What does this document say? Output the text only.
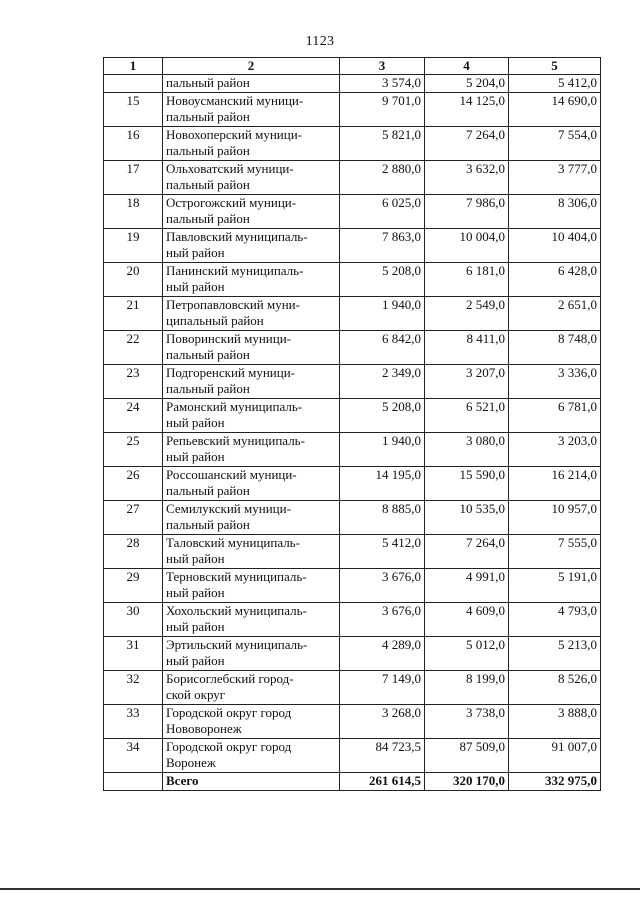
1123
1	2	3	4	5
	пальный район	3 574,0	5 204,0	5 412,0
15	Новоусманский муници-
пальный район	9 701,0	14 125,0	14 690,0
16	Новохоперский муници-
пальный район	5 821,0	7 264,0	7 554,0
17	Ольховатский муници-
пальный район	2 880,0	3 632,0	3 777,0
18	Острогожский муници-
пальный район	6 025,0	7 986,0	8 306,0
19	Павловский муниципаль-
ный район	7 863,0	10 004,0	10 404,0
20	Панинский муниципаль-
ный район	5 208,0	6 181,0	6 428,0
21	Петропавловский муни-
ципальный район	1 940,0	2 549,0	2 651,0
22	Поворинский муници-
пальный район	6 842,0	8 411,0	8 748,0
23	Подгоренский муници-
пальный район	2 349,0	3 207,0	3 336,0
24	Рамонский муниципаль-
ный район	5 208,0	6 521,0	6 781,0
25	Репьевский муниципаль-
ный район	1 940,0	3 080,0	3 203,0
26	Россошанский муници-
пальный район	14 195,0	15 590,0	16 214,0
27	Семилукский муници-
пальный район	8 885,0	10 535,0	10 957,0
28	Таловский муниципаль-
ный район	5 412,0	7 264,0	7 555,0
29	Терновский муниципаль-
ный район	3 676,0	4 991,0	5 191,0
30	Хохольский муниципаль-
ный район	3 676,0	4 609,0	4 793,0
31	Эртильский муниципаль-
ный район	4 289,0	5 012,0	5 213,0
32	Борисоглебский город-
ской округ	7 149,0	8 199,0	8 526,0
33	Городской округ город
Нововоронеж	3 268,0	3 738,0	3 888,0
34	Городской округ город
Воронеж	84 723,5	87 509,0	91 007,0
	Всего	261 614,5	320 170,0	332 975,0
